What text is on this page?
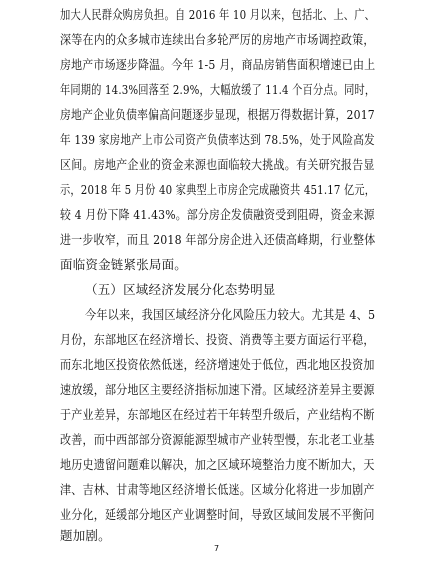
加大人民群众购房负担。自 2016 年 10 月以来，包括北、上、广、
深等在内的众多城市连续出台多轮严厉的房地产市场调控政策，
房地产市场逐步降温。今年 1-5 月，商品房销售面积增速已由上
年同期的 14.3%回落至 2.9%，大幅放缓了 11.4 个百分点。同时，
房地产企业负债率偏高问题逐步显现，根据万得数据计算，2017
年 139 家房地产上市公司资产负债率达到 78.5%，处于风险高发
区间。房地产企业的资金来源也面临较大挑战。有关研究报告显
示，2018 年 5 月份 40 家典型上市房企完成融资共 451.17 亿元，
较 4 月份下降 41.43%。部分房企发债融资受到阻碍，资金来源
进一步收窄，而且 2018 年部分房企进入还债高峰期，行业整体
面临资金链紧张局面。
（五）区域经济发展分化态势明显
今年以来，我国区域经济分化风险压力较大。尤其是 4、5
月份，东部地区在经济增长、投资、消费等主要方面运行平稳，
而东北地区投资依然低迷，经济增速处于低位，西北地区投资加
速放缓，部分地区主要经济指标加速下滑。区域经济差异主要源
于产业差异，东部地区在经过若干年转型升级后，产业结构不断
改善，而中西部部分资源能源型城市产业转型慢，东北老工业基
地历史遗留问题难以解决，加之区域环境整治力度不断加大，天
津、吉林、甘肃等地区经济增长低迷。区域分化将进一步加剧产
业分化，延缓部分地区产业调整时间，导致区域间发展不平衡问
题加剧。
7
